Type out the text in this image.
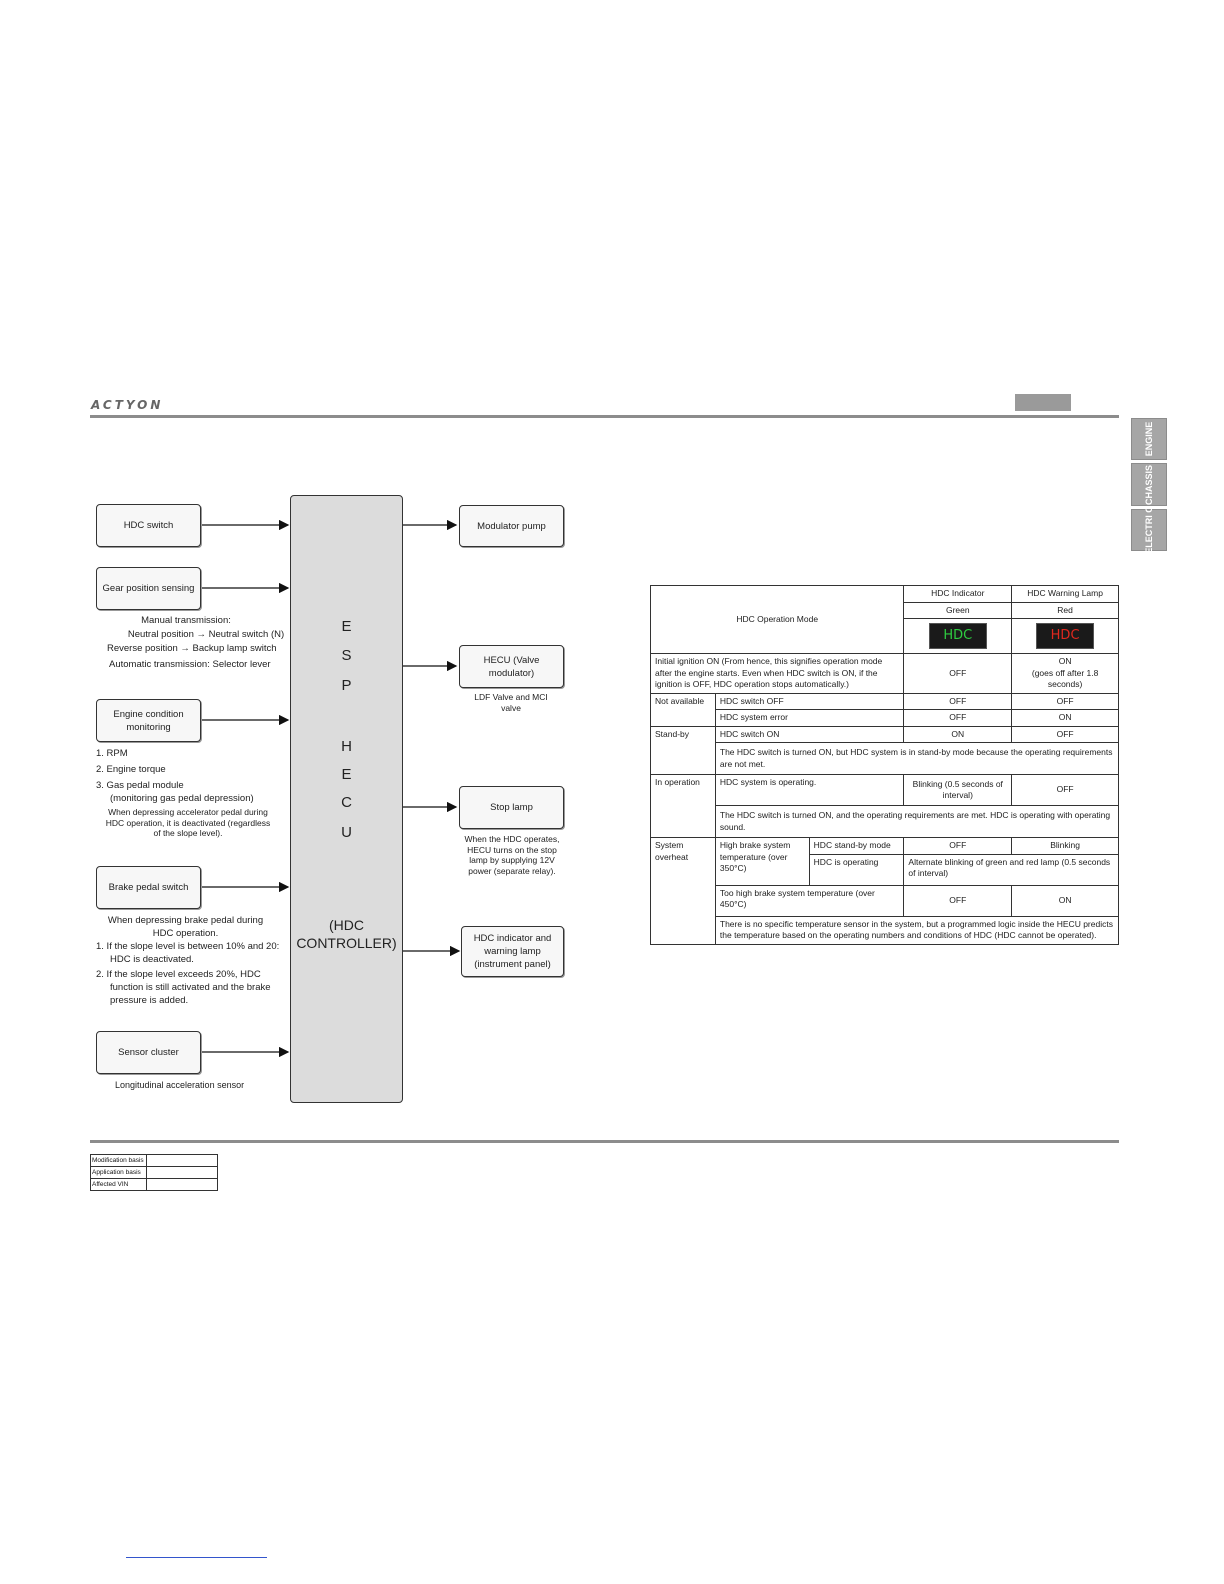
ACTYON
ENGINE
CHASSIS
ELECTRI C
HDC switch
Gear position sensing
Engine condition monitoring
Brake pedal switch
Sensor cluster
E
S
P
H
E
C
U
(HDC
CONTROLLER)
Modulator pump
HECU (Valve modulator)
Stop lamp
HDC indicator and warning lamp (instrument panel)
Manual transmission:
Neutral position → Neutral switch (N)
Reverse position → Backup lamp switch
Automatic transmission: Selector lever
1. RPM
2. Engine torque
3. Gas pedal module
(monitoring gas pedal depression)
When depressing accelerator pedal during HDC operation, it is deactivated (regardless of the slope level).
When depressing brake pedal during HDC operation.
1. If the slope level is between 10% and 20: HDC is deactivated.
2. If the slope level exceeds 20%, HDC function is still activated and the brake pressure is added.
Longitudinal acceleration sensor
LDF Valve and MCI valve
When the HDC operates, HECU turns on the stop lamp by supplying 12V power (separate relay).
HDC Operation Mode			HDC Indicator	HDC Warning Lamp
			Green	Red
			HDC	HDC
Initial ignition ON (From hence, this signifies operation mode after the engine starts. Even when HDC switch is ON, if the ignition is OFF, HDC operation stops automatically.)			OFF	ON
(goes off after 1.8 seconds)
Not available	HDC switch OFF		OFF	OFF
	HDC system error		OFF	ON
Stand-by	HDC switch ON		ON	OFF
	The HDC switch is turned ON, but HDC system is in stand-by mode because the operating requirements are not met.			
In operation	HDC system is operating.		Blinking (0.5 seconds of interval)	OFF
	The HDC switch is turned ON, and the operating requirements are met. HDC is operating with operating sound.			
System overheat	High brake system temperature (over 350°C)	HDC stand-by mode	OFF	Blinking
		HDC is operating	Alternate blinking of green and red lamp (0.5 seconds of interval)	
	Too high brake system temperature (over 450°C)		OFF	ON
	There is no specific temperature sensor in the system, but a programmed logic inside the HECU predicts the temperature based on the operating numbers and conditions of HDC (HDC cannot be operated).			
Modification basis	
Application basis	
Affected VIN	
